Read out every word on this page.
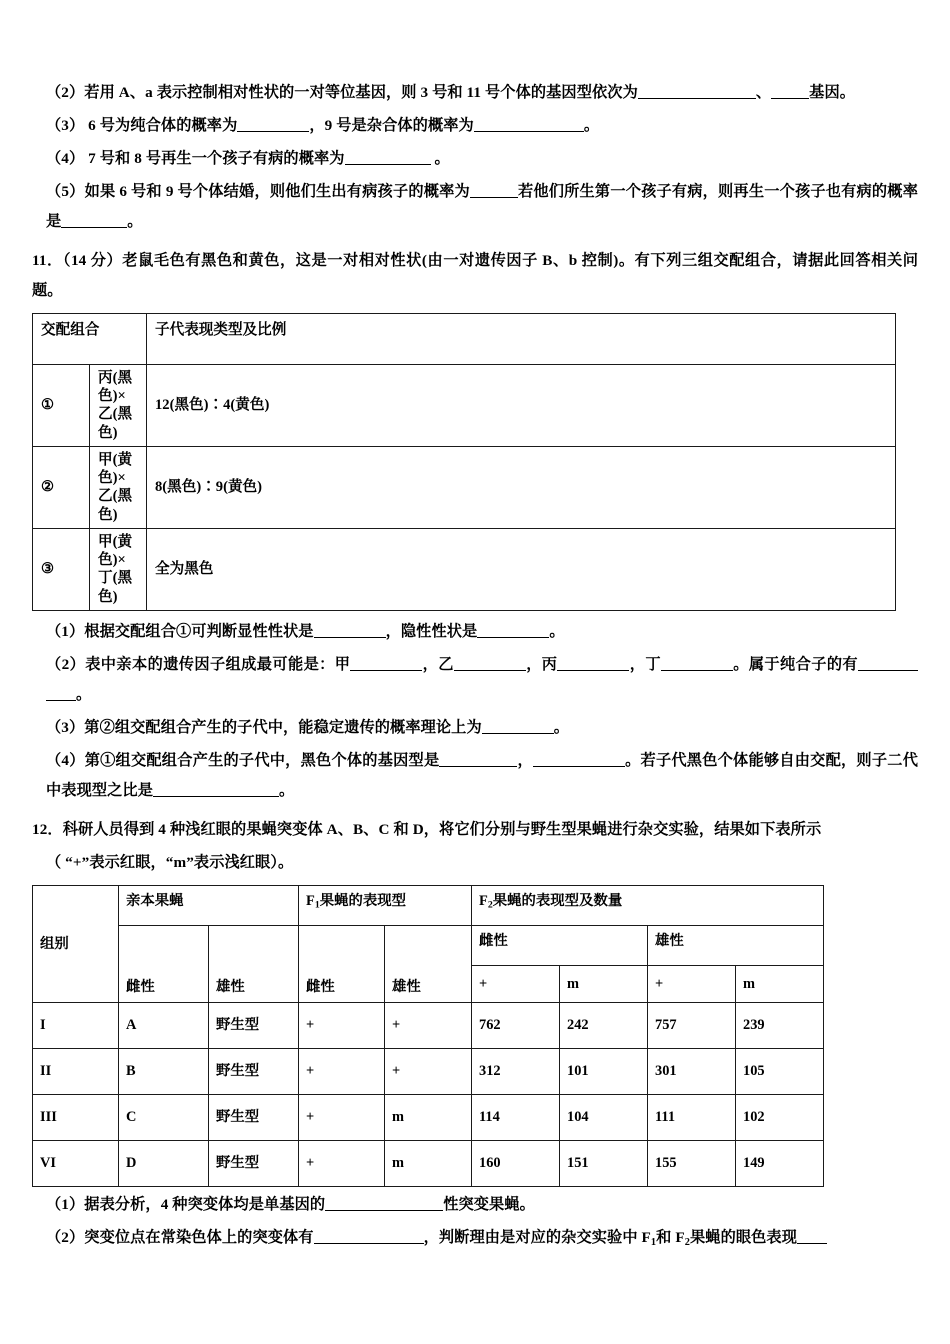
（2）若用 A、a 表示控制相对性状的一对等位基因，则 3 号和 11 号个体的基因型依次为	、	基因。

（3） 6 号为纯合体的概率为	，9 号是杂合体的概率为	。

（4） 7 号和 8 号再生一个孩子有病的概率为	。

（5）如果 6 号和 9 号个体结婚，则他们生出有病孩子的概率为	若他们所生第一个孩子有病，则再生一个孩子也有病的概率是	。

11．（14 分）老鼠毛色有黑色和黄色，这是一对相对性状(由一对遗传因子 B、b 控制)。有下列三组交配组合，请据此回答相关问题。

交配组合		子代表现类型及比例
①	丙(黑色)×乙(黑色)	12(黑色)∶4(黄色)
②	甲(黄色)×乙(黑色)	8(黑色)∶9(黄色)
③	甲(黄色)×丁(黑色)	全为黑色

（1）根据交配组合①可判断显性性状是	，隐性性状是	。

（2）表中亲本的遗传因子组成最可能是：甲	，乙	，丙	，丁	。属于纯合子的有。

（3）第②组交配组合产生的子代中，能稳定遗传的概率理论上为	。

（4）第①组交配组合产生的子代中，黑色个体的基因型是	，	。若子代黑色个体能够自由交配，则子二代中表现型之比是	。

12．科研人员得到 4 种浅红眼的果蝇突变体 A、B、C 和 D，将它们分别与野生型果蝇进行杂交实验，结果如下表所示

（ “+”表示红眼，“m”表示浅红眼）。

组别	亲本果蝇		$F_1$果蝇的表现型		$F_2$果蝇的表现型及数量			
	雌性	雄性	雌性	雄性	雌性		雄性	
					+	m	+	m
I	A	野生型	+	+	762	242	757	239
II	B	野生型	+	+	312	101	301	105
III	C	野生型	+	m	114	104	111	102
VI	D	野生型	+	m	160	151	155	149

（1）据表分析，4 种突变体均是单基因的	性突变果蝇。

（2）突变位点在常染色体上的突变体有	，判断理由是对应的杂交实验中 $F_1$和 $F_2$果蝇的眼色表现
